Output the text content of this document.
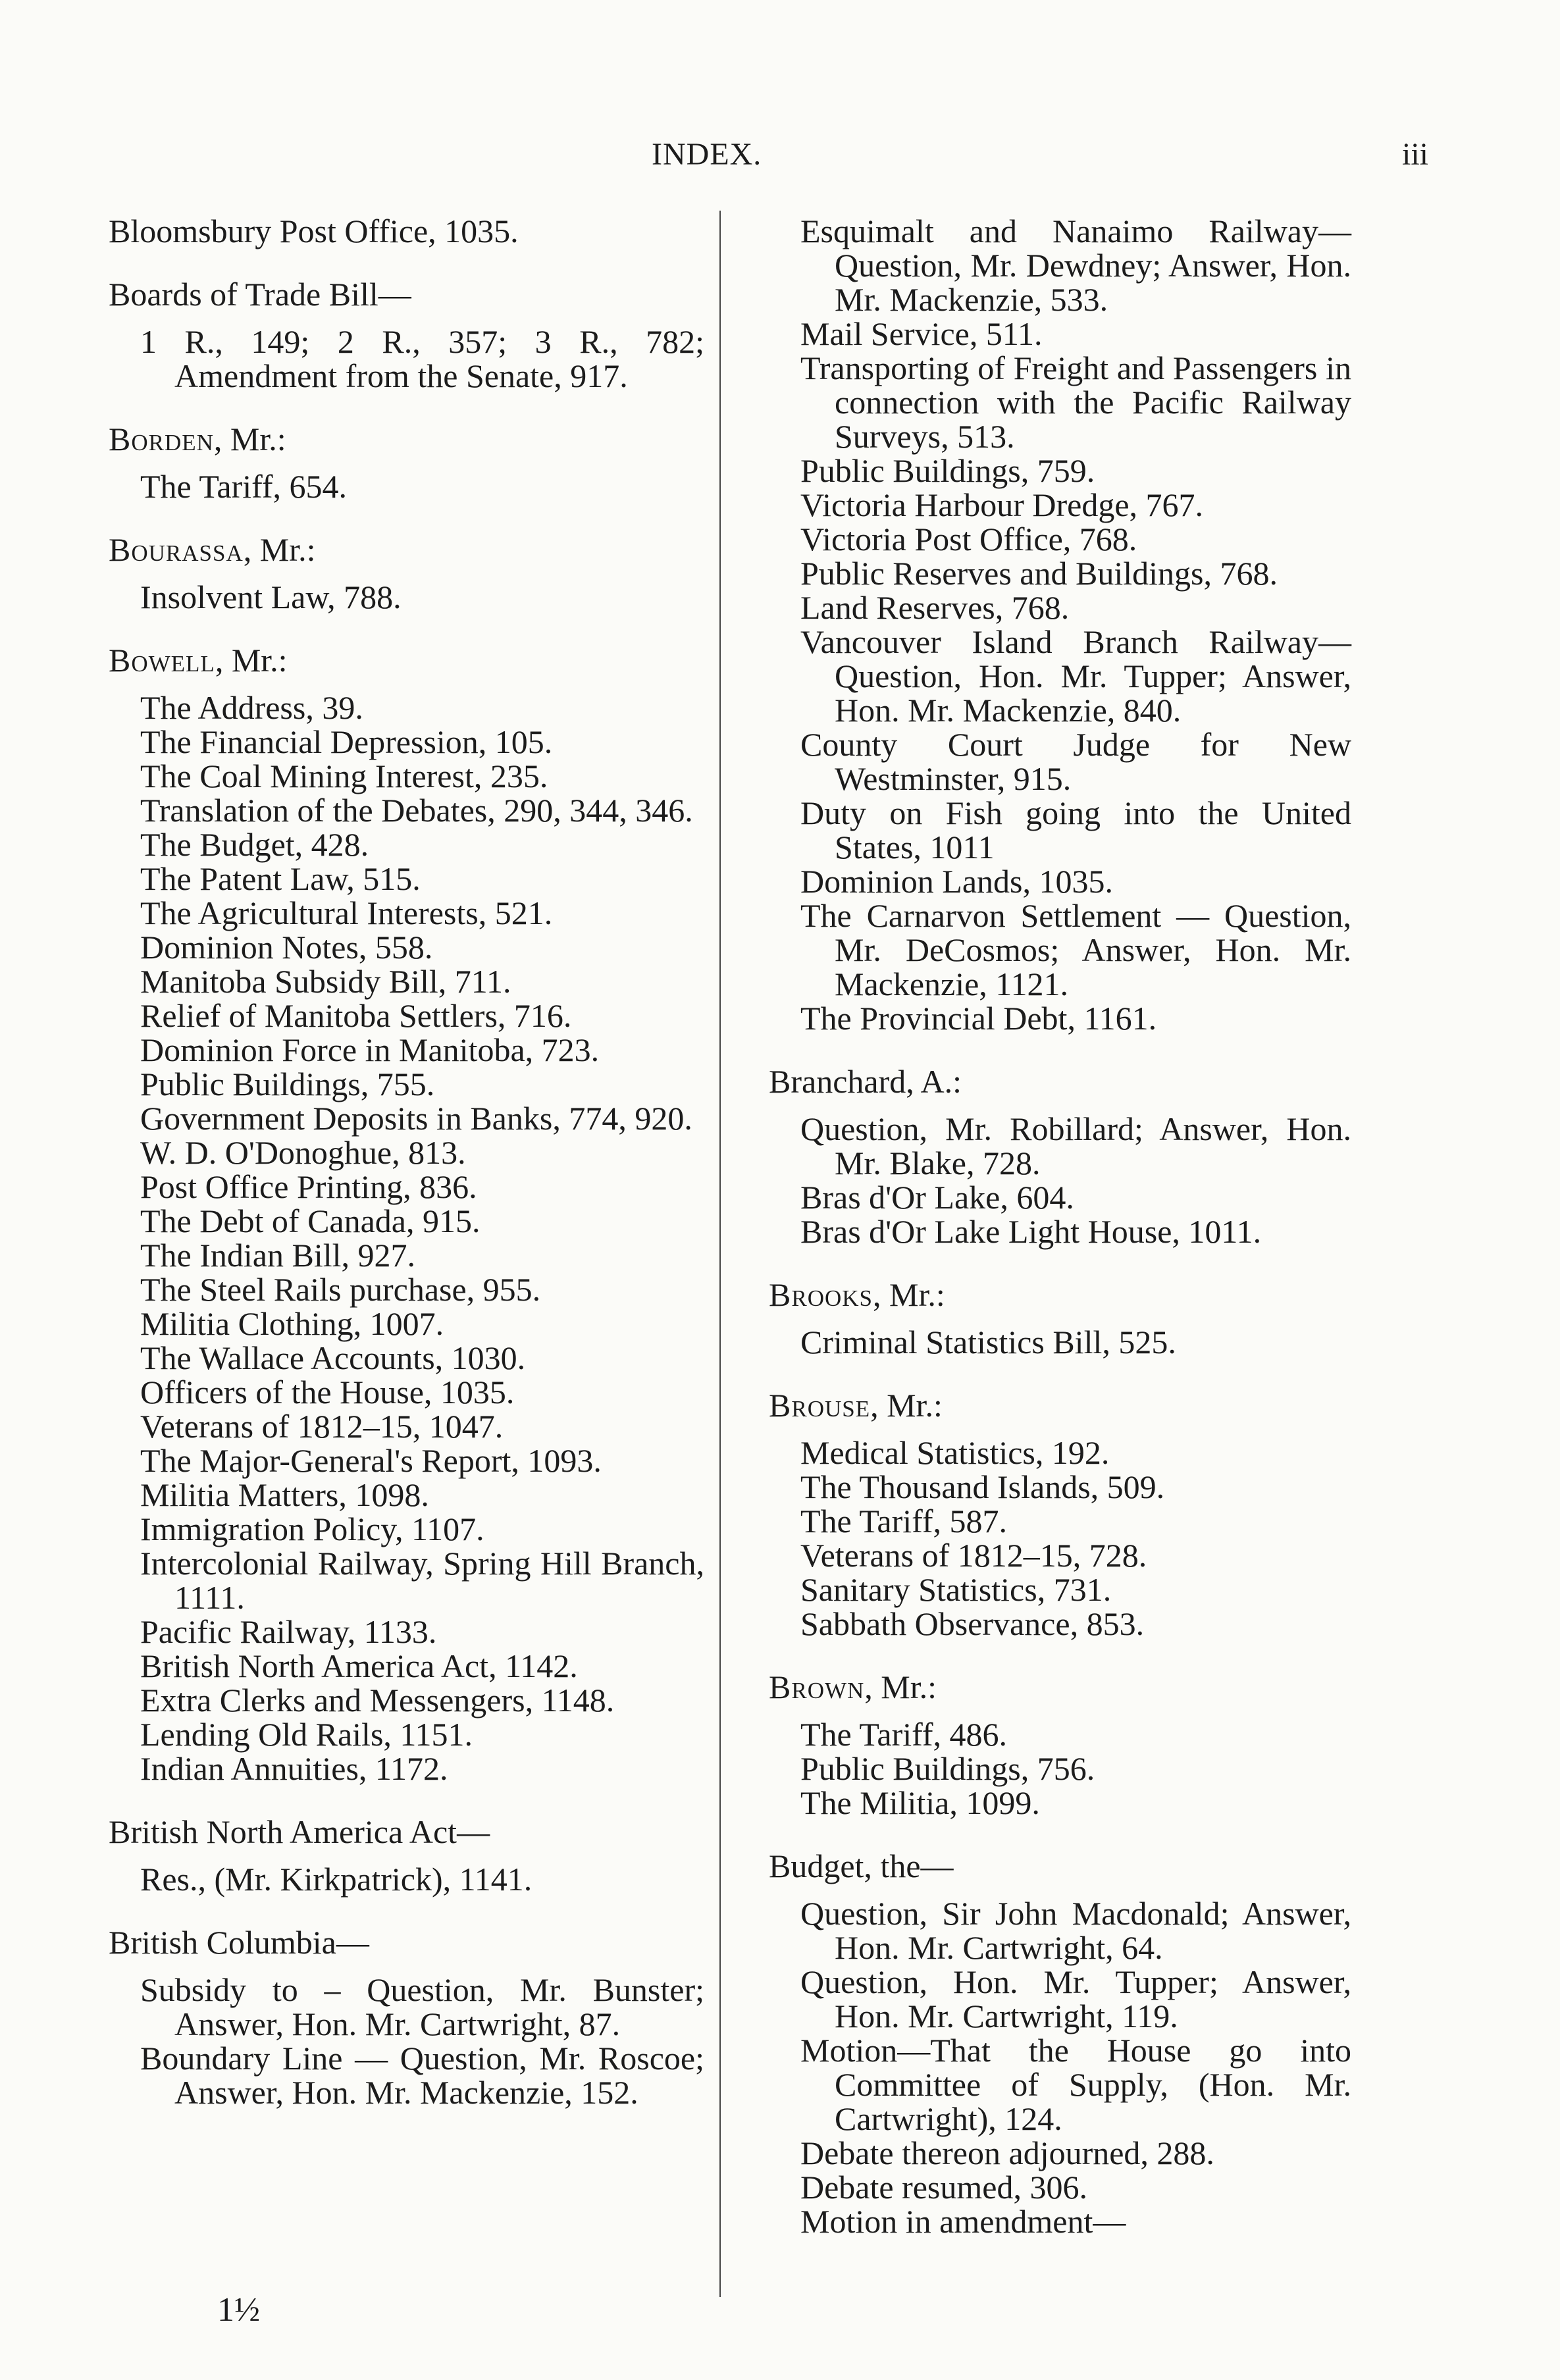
INDEX.	iii
Bloomsbury Post Office, 1035.
Boards of Trade Bill—
1 R., 149; 2 R., 357; 3 R., 782; Amendment from the Senate, 917.
Borden, Mr.:
The Tariff, 654.
Bourassa, Mr.:
Insolvent Law, 788.
Bowell, Mr.:
The Address, 39.
The Financial Depression, 105.
The Coal Mining Interest, 235.
Translation of the Debates, 290, 344, 346.
The Budget, 428.
The Patent Law, 515.
The Agricultural Interests, 521.
Dominion Notes, 558.
Manitoba Subsidy Bill, 711.
Relief of Manitoba Settlers, 716.
Dominion Force in Manitoba, 723.
Public Buildings, 755.
Government Deposits in Banks, 774, 920.
W. D. O'Donoghue, 813.
Post Office Printing, 836.
The Debt of Canada, 915.
The Indian Bill, 927.
The Steel Rails purchase, 955.
Militia Clothing, 1007.
The Wallace Accounts, 1030.
Officers of the House, 1035.
Veterans of 1812–15, 1047.
The Major-General's Report, 1093.
Militia Matters, 1098.
Immigration Policy, 1107.
Intercolonial Railway, Spring Hill Branch, 1111.
Pacific Railway, 1133.
British North America Act, 1142.
Extra Clerks and Messengers, 1148.
Lending Old Rails, 1151.
Indian Annuities, 1172.
British North America Act—
Res., (Mr. Kirkpatrick), 1141.
British Columbia—
Subsidy to – Question, Mr. Bunster; Answer, Hon. Mr. Cartwright, 87.
Boundary Line — Question, Mr. Roscoe; Answer, Hon. Mr. Mackenzie, 152.
Esquimalt and Nanaimo Railway—Question, Mr. Dewdney; Answer, Hon. Mr. Mackenzie, 533.
Mail Service, 511.
Transporting of Freight and Passengers in connection with the Pacific Railway Surveys, 513.
Public Buildings, 759.
Victoria Harbour Dredge, 767.
Victoria Post Office, 768.
Public Reserves and Buildings, 768.
Land Reserves, 768.
Vancouver Island Branch Railway—Question, Hon. Mr. Tupper; Answer, Hon. Mr. Mackenzie, 840.
County Court Judge for New Westminster, 915.
Duty on Fish going into the United States, 1011
Dominion Lands, 1035.
The Carnarvon Settlement — Question, Mr. DeCosmos; Answer, Hon. Mr. Mackenzie, 1121.
The Provincial Debt, 1161.
Branchard, A.:
Question, Mr. Robillard; Answer, Hon. Mr. Blake, 728.
Bras d'Or Lake, 604.
Bras d'Or Lake Light House, 1011.
Brooks, Mr.:
Criminal Statistics Bill, 525.
Brouse, Mr.:
Medical Statistics, 192.
The Thousand Islands, 509.
The Tariff, 587.
Veterans of 1812–15, 728.
Sanitary Statistics, 731.
Sabbath Observance, 853.
Brown, Mr.:
The Tariff, 486.
Public Buildings, 756.
The Militia, 1099.
Budget, the—
Question, Sir John Macdonald; Answer, Hon. Mr. Cartwright, 64.
Question, Hon. Mr. Tupper; Answer, Hon. Mr. Cartwright, 119.
Motion—That the House go into Committee of Supply, (Hon. Mr. Cartwright), 124.
Debate thereon adjourned, 288.
Debate resumed, 306.
Motion in amendment—
1½
